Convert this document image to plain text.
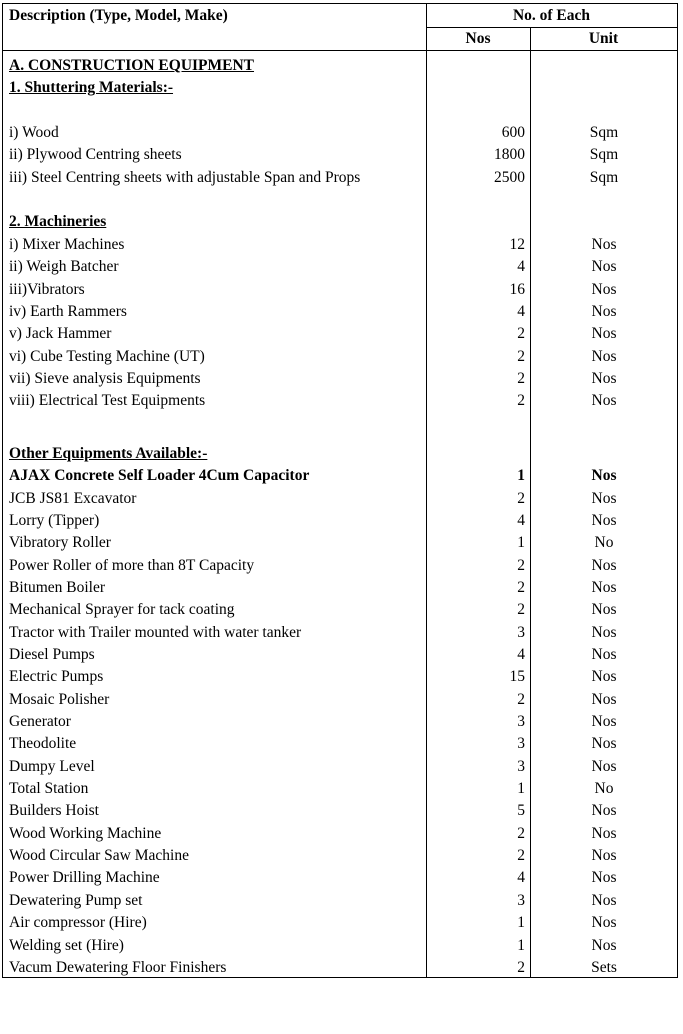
Description (Type, Model, Make)	No. of Each
Nos	Unit
A. CONSTRUCTION EQUIPMENT
1. Shuttering Materials:-
i) Wood	600	Sqm
ii) Plywood Centring sheets	1800	Sqm
iii) Steel Centring sheets with adjustable Span and Props	2500	Sqm
2. Machineries
i) Mixer Machines	12	Nos
ii) Weigh Batcher	4	Nos
iii)Vibrators	16	Nos
iv) Earth Rammers	4	Nos
v) Jack Hammer	2	Nos
vi) Cube Testing Machine (UT)	2	Nos
vii) Sieve analysis Equipments	2	Nos
viii) Electrical Test Equipments	2	Nos
Other Equipments Available:-
AJAX Concrete Self Loader 4Cum Capacitor	1	Nos
JCB JS81 Excavator	2	Nos
Lorry (Tipper)	4	Nos
Vibratory Roller	1	No
Power Roller of more than 8T Capacity	2	Nos
Bitumen Boiler	2	Nos
Mechanical Sprayer for tack coating	2	Nos
Tractor with Trailer mounted with water tanker	3	Nos
Diesel Pumps	4	Nos
Electric Pumps	15	Nos
Mosaic Polisher	2	Nos
Generator	3	Nos
Theodolite	3	Nos
Dumpy Level	3	Nos
Total Station	1	No
Builders Hoist	5	Nos
Wood Working Machine	2	Nos
Wood Circular Saw Machine	2	Nos
Power Drilling Machine	4	Nos
Dewatering Pump set	3	Nos
Air compressor (Hire)	1	Nos
Welding set (Hire)	1	Nos
Vacum Dewatering Floor Finishers	2	Sets
